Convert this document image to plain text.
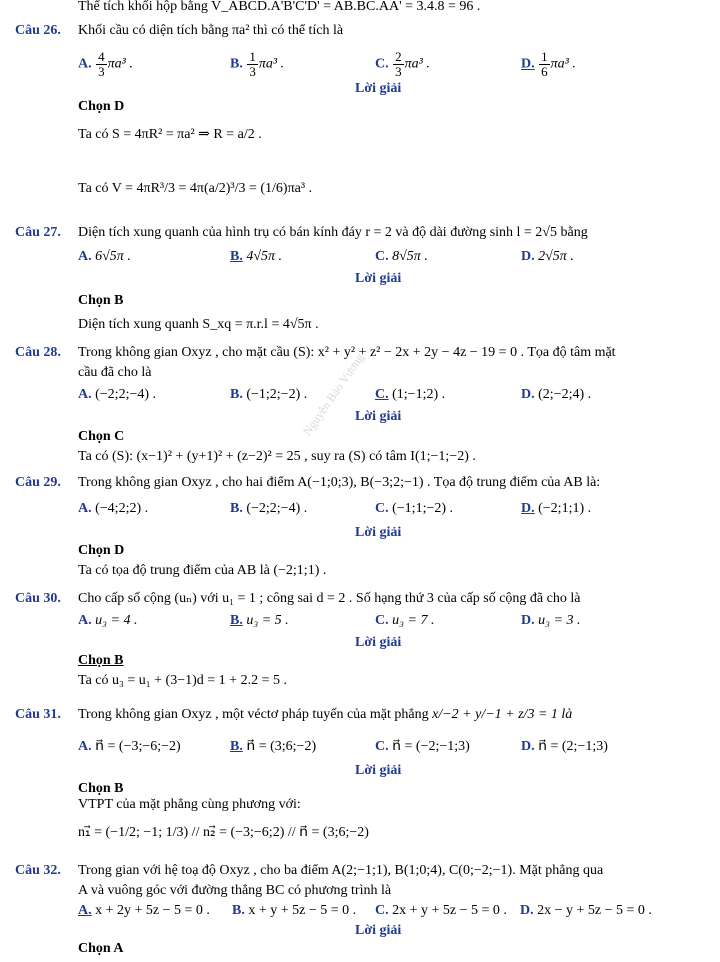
Thể tích khối hộp bằng V_ABCD.A'B'C'D' = AB.BC.AA' = 3.4.8 = 96 .
Câu 26. Khối cầu có diện tích bằng πa² thì có thể tích là
A. $\frac{4}{3} \pi a^3$ .	B. $\frac{1}{3} \pi a^3$ .	C. $\frac{2}{3} \pi a^3$ .	D. $\frac{1}{6} \pi a^3$ .
Lời giải
Chọn D
Ta có S = 4πR² = πa² ⇒ R = a/2 .
Ta có V = 4πR³/3 = 4π(a/2)³/3 = (1/6)πa³ .
Câu 27. Diện tích xung quanh của hình trụ có bán kính đáy r = 2 và độ dài đường sinh l = 2√5 bằng
A. 6√5π .	B. 4√5π .	C. 8√5π .	D. 2√5π .
Lời giải
Chọn B
Diện tích xung quanh S_xq = π.r.l = 4√5π .
Câu 28. Trong không gian Oxyz , cho mặt cầu (S): x² + y² + z² − 2x + 2y − 4z − 19 = 0 . Tọa độ tâm mặt
cầu đã cho là
A. (−2;2;−4) .	B. (−1;2;−2) .	C. (1;−1;2) .	D. (2;−2;4) .
Lời giải
Chọn C
Ta có (S): (x−1)² + (y+1)² + (z−2)² = 25 , suy ra (S) có tâm I(1;−1;−2) .
Câu 29. Trong không gian Oxyz , cho hai điểm A(−1;0;3), B(−3;2;−1) . Tọa độ trung điểm của AB là:
A. (−4;2;2) .	B. (−2;2;−4) .	C. (−1;1;−2) .	D. (−2;1;1) .
Lời giải
Chọn D
Ta có tọa độ trung điểm của AB là (−2;1;1) .
Câu 30. Cho cấp số cộng (uₙ) với u₁ = 1 ; công sai d = 2 . Số hạng thứ 3 của cấp số cộng đã cho là
A. u₃ = 4 .	B. u₃ = 5 .	C. u₃ = 7 .	D. u₃ = 3 .
Lời giải
Chọn B
Ta có u₃ = u₁ + (3−1)d = 1 + 2.2 = 5 .
Câu 31. Trong không gian Oxyz , một véctơ pháp tuyến của mặt phẳng x/−2 + y/−1 + z/3 = 1 là
A. n⃗ = (−3;−6;−2)	B. n⃗ = (3;6;−2)	C. n⃗ = (−2;−1;3)	D. n⃗ = (2;−1;3)
Lời giải
Chọn B
VTPT của mặt phẳng cùng phương với:
n₁⃗ = (−1/2; −1; 1/3) // n₂⃗ = (−3;−6;2) // n⃗ = (3;6;−2)
Câu 32. Trong gian với hệ toạ độ Oxyz , cho ba điểm A(2;−1;1), B(1;0;4), C(0;−2;−1). Mặt phẳng qua
A và vuông góc với đường thẳng BC có phương trình là
A. x + 2y + 5z − 5 = 0 . B. x + y + 5z − 5 = 0 . C. 2x + y + 5z − 5 = 0 . D. 2x − y + 5z − 5 = 0 .
Lời giải
Chọn A
Nguyễn Bảo Vương
